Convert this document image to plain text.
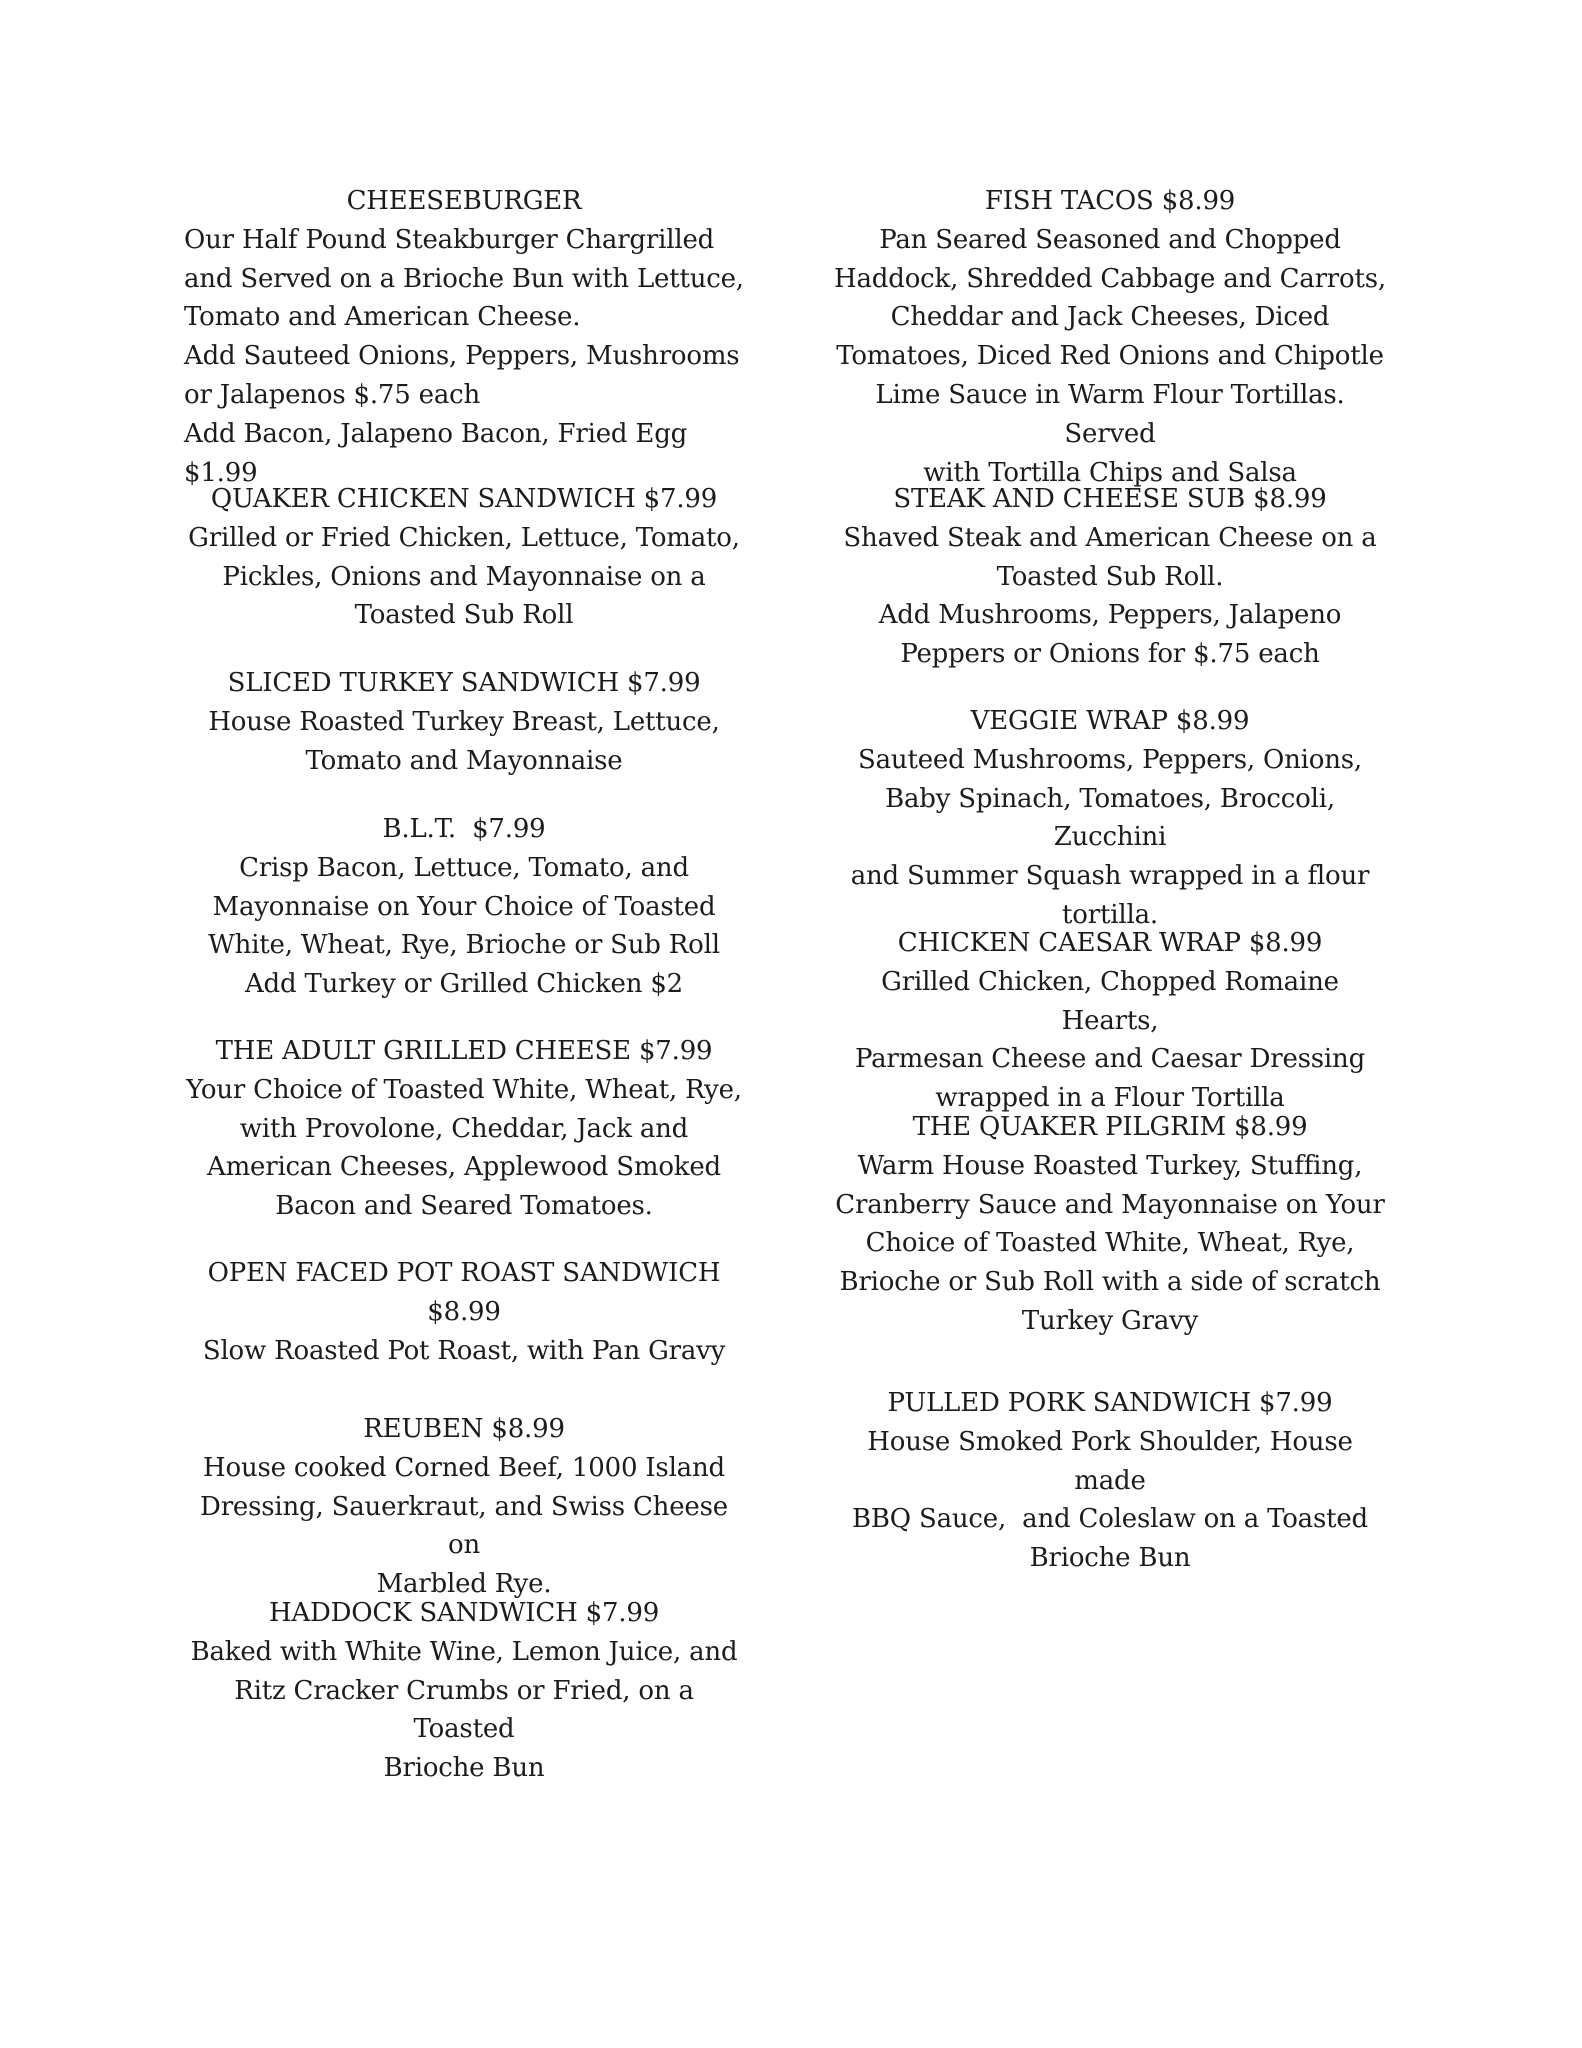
CHEESEBURGER

Our Half Pound Steakburger Chargrilled

and Served on a Brioche Bun with Lettuce,

Tomato and American Cheese.

Add Sauteed Onions, Peppers, Mushrooms

or Jalapenos $.75 each

Add Bacon, Jalapeno Bacon, Fried Egg $1.99

QUAKER CHICKEN SANDWICH $7.99

Grilled or Fried Chicken, Lettuce, Tomato,

Pickles, Onions and Mayonnaise on a

Toasted Sub Roll

SLICED TURKEY SANDWICH $7.99

House Roasted Turkey Breast, Lettuce,

Tomato and Mayonnaise

B.L.T.  $7.99

Crisp Bacon, Lettuce, Tomato, and

Mayonnaise on Your Choice of Toasted

White, Wheat, Rye, Brioche or Sub Roll

Add Turkey or Grilled Chicken $2

THE ADULT GRILLED CHEESE $7.99

Your Choice of Toasted White, Wheat, Rye,

with Provolone, Cheddar, Jack and

American Cheeses, Applewood Smoked

Bacon and Seared Tomatoes.

OPEN FACED POT ROAST SANDWICH

$8.99

Slow Roasted Pot Roast, with Pan Gravy

REUBEN $8.99

House cooked Corned Beef, 1000 Island

Dressing, Sauerkraut, and Swiss Cheese on

Marbled Rye.

HADDOCK SANDWICH $7.99

Baked with White Wine, Lemon Juice, and

Ritz Cracker Crumbs or Fried, on a Toasted

Brioche Bun

FISH TACOS $8.99

Pan Seared Seasoned and Chopped

Haddock, Shredded Cabbage and Carrots,

Cheddar and Jack Cheeses, Diced

Tomatoes, Diced Red Onions and Chipotle

Lime Sauce in Warm Flour Tortillas. Served

with Tortilla Chips and Salsa

STEAK AND CHEESE SUB $8.99

Shaved Steak and American Cheese on a

Toasted Sub Roll.

Add Mushrooms, Peppers, Jalapeno

Peppers or Onions for $.75 each

VEGGIE WRAP $8.99

Sauteed Mushrooms, Peppers, Onions,

Baby Spinach, Tomatoes, Broccoli, Zucchini

and Summer Squash wrapped in a flour

tortilla.

CHICKEN CAESAR WRAP $8.99

Grilled Chicken, Chopped Romaine Hearts,

Parmesan Cheese and Caesar Dressing

wrapped in a Flour Tortilla

THE QUAKER PILGRIM $8.99

Warm House Roasted Turkey, Stuffing,

Cranberry Sauce and Mayonnaise on Your

Choice of Toasted White, Wheat, Rye,

Brioche or Sub Roll with a side of scratch

Turkey Gravy

PULLED PORK SANDWICH $7.99

House Smoked Pork Shoulder, House made

BBQ Sauce,  and Coleslaw on a Toasted

Brioche Bun
